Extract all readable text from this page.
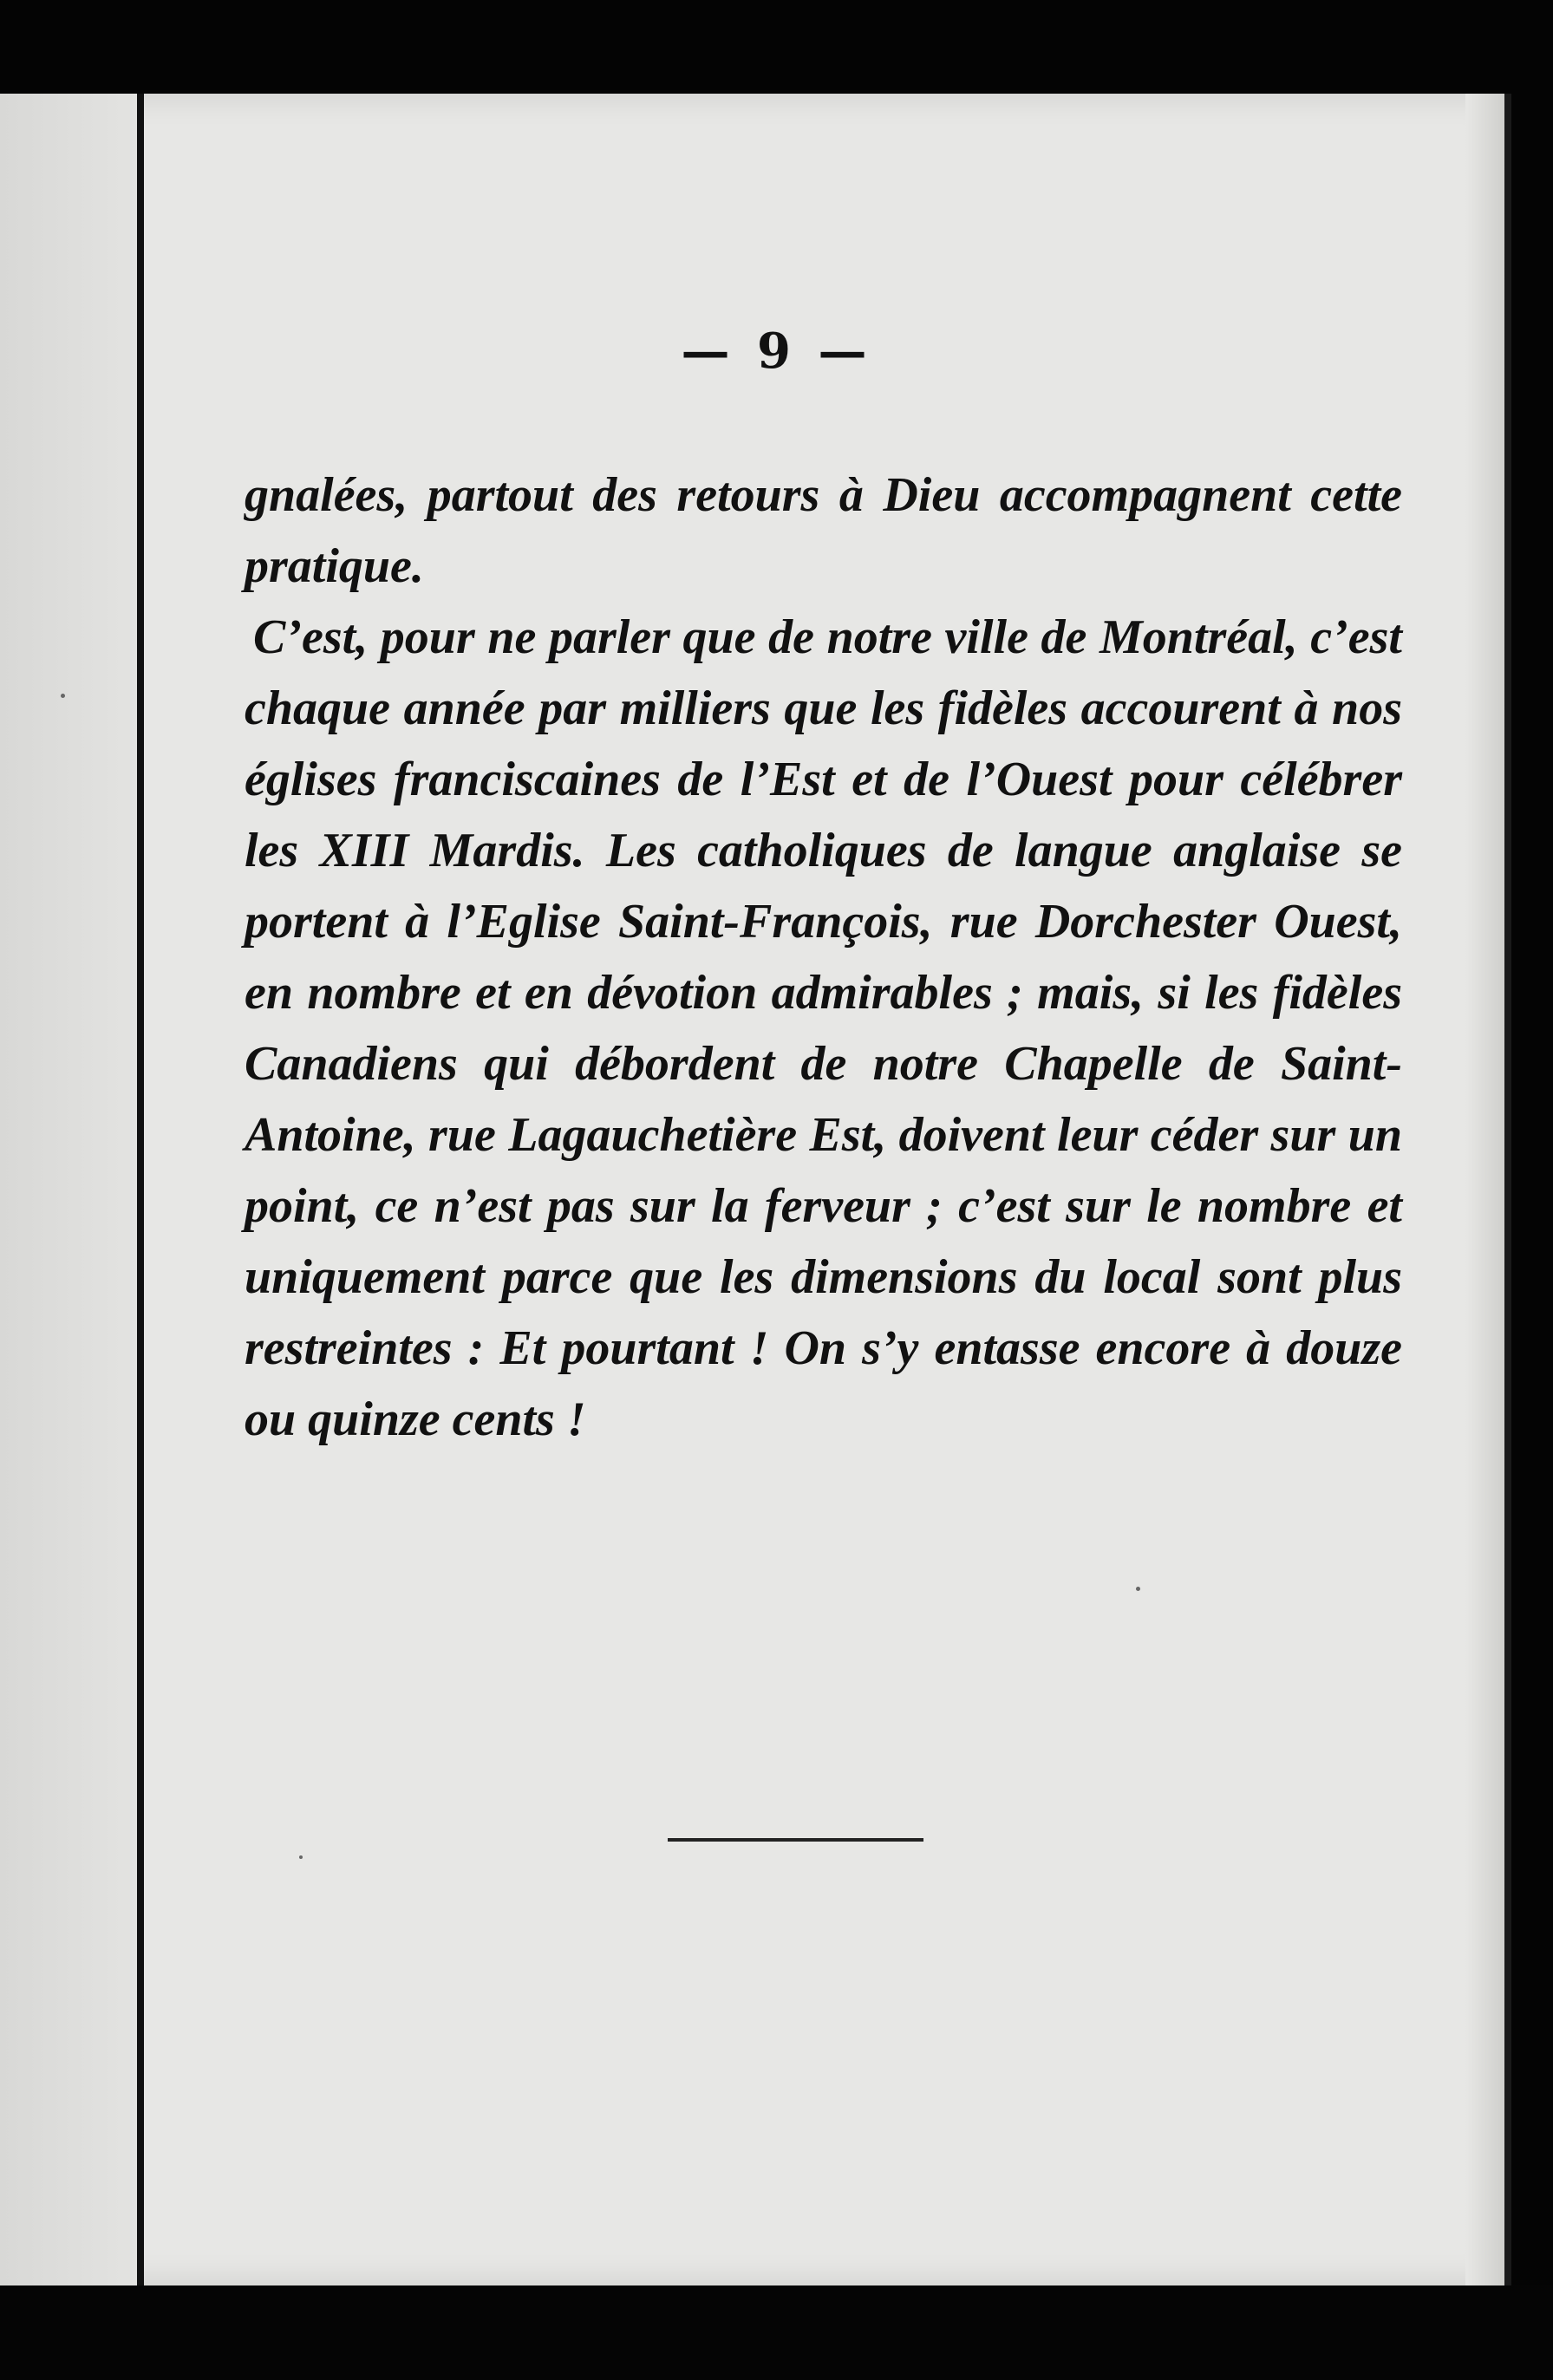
— 9 —

gnalées, partout des retours à Dieu accompagnent cette pratique.

C’est, pour ne parler que de notre ville de Montréal, c’est chaque année par milliers que les fidèles accourent à nos églises franciscaines de l’Est et de l’Ouest pour célébrer les XIII Mardis. Les catholiques de langue anglaise se portent à l’Eglise Saint-François, rue Dorchester Ouest, en nombre et en dévotion admirables ; mais, si les fidèles Canadiens qui débordent de notre Chapelle de Saint-Antoine, rue Lagauchetière Est, doivent leur céder sur un point, ce n’est pas sur la ferveur ; c’est sur le nombre et uniquement parce que les dimensions du local sont plus restreintes : Et pourtant ! On s’y entasse encore à douze ou quinze cents !
